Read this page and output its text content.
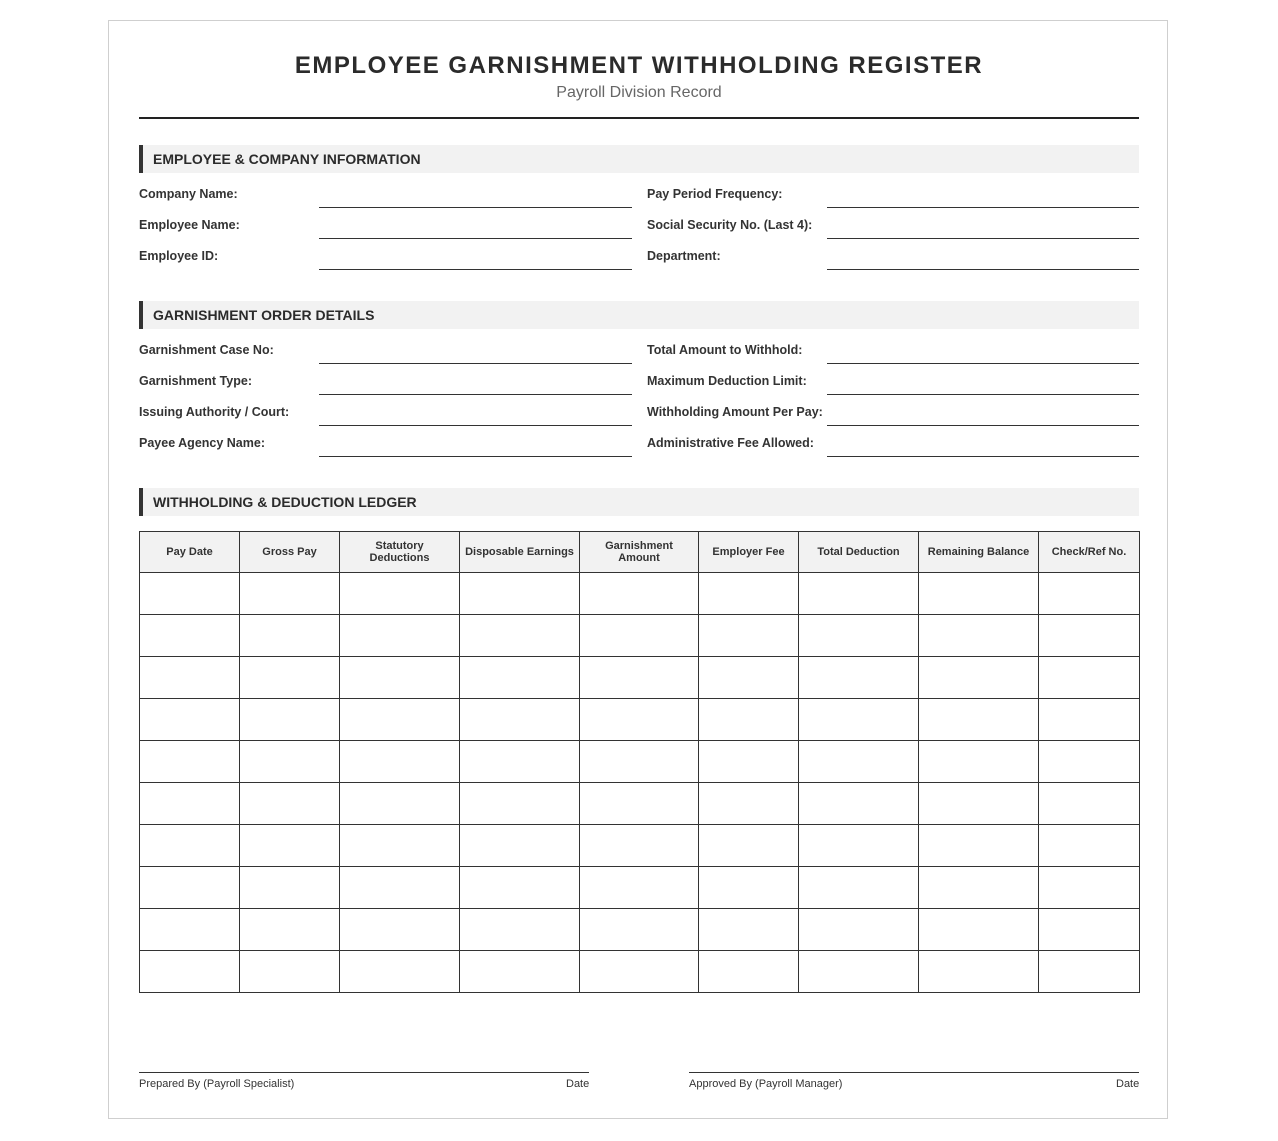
EMPLOYEE GARNISHMENT WITHHOLDING REGISTER
Payroll Division Record
EMPLOYEE & COMPANY INFORMATION
Company Name:
Employee Name:
Employee ID:
Pay Period Frequency:
Social Security No. (Last 4):
Department:
GARNISHMENT ORDER DETAILS
Garnishment Case No:
Garnishment Type:
Issuing Authority / Court:
Payee Agency Name:
Total Amount to Withhold:
Maximum Deduction Limit:
Withholding Amount Per Pay:
Administrative Fee Allowed:
WITHHOLDING & DEDUCTION LEDGER
Pay Date	Gross Pay	Statutory Deductions	Disposable Earnings	Garnishment Amount	Employer Fee	Total Deduction	Remaining Balance	Check/Ref No.

Prepared By (Payroll Specialist)	Date	Approved By (Payroll Manager)	Date
